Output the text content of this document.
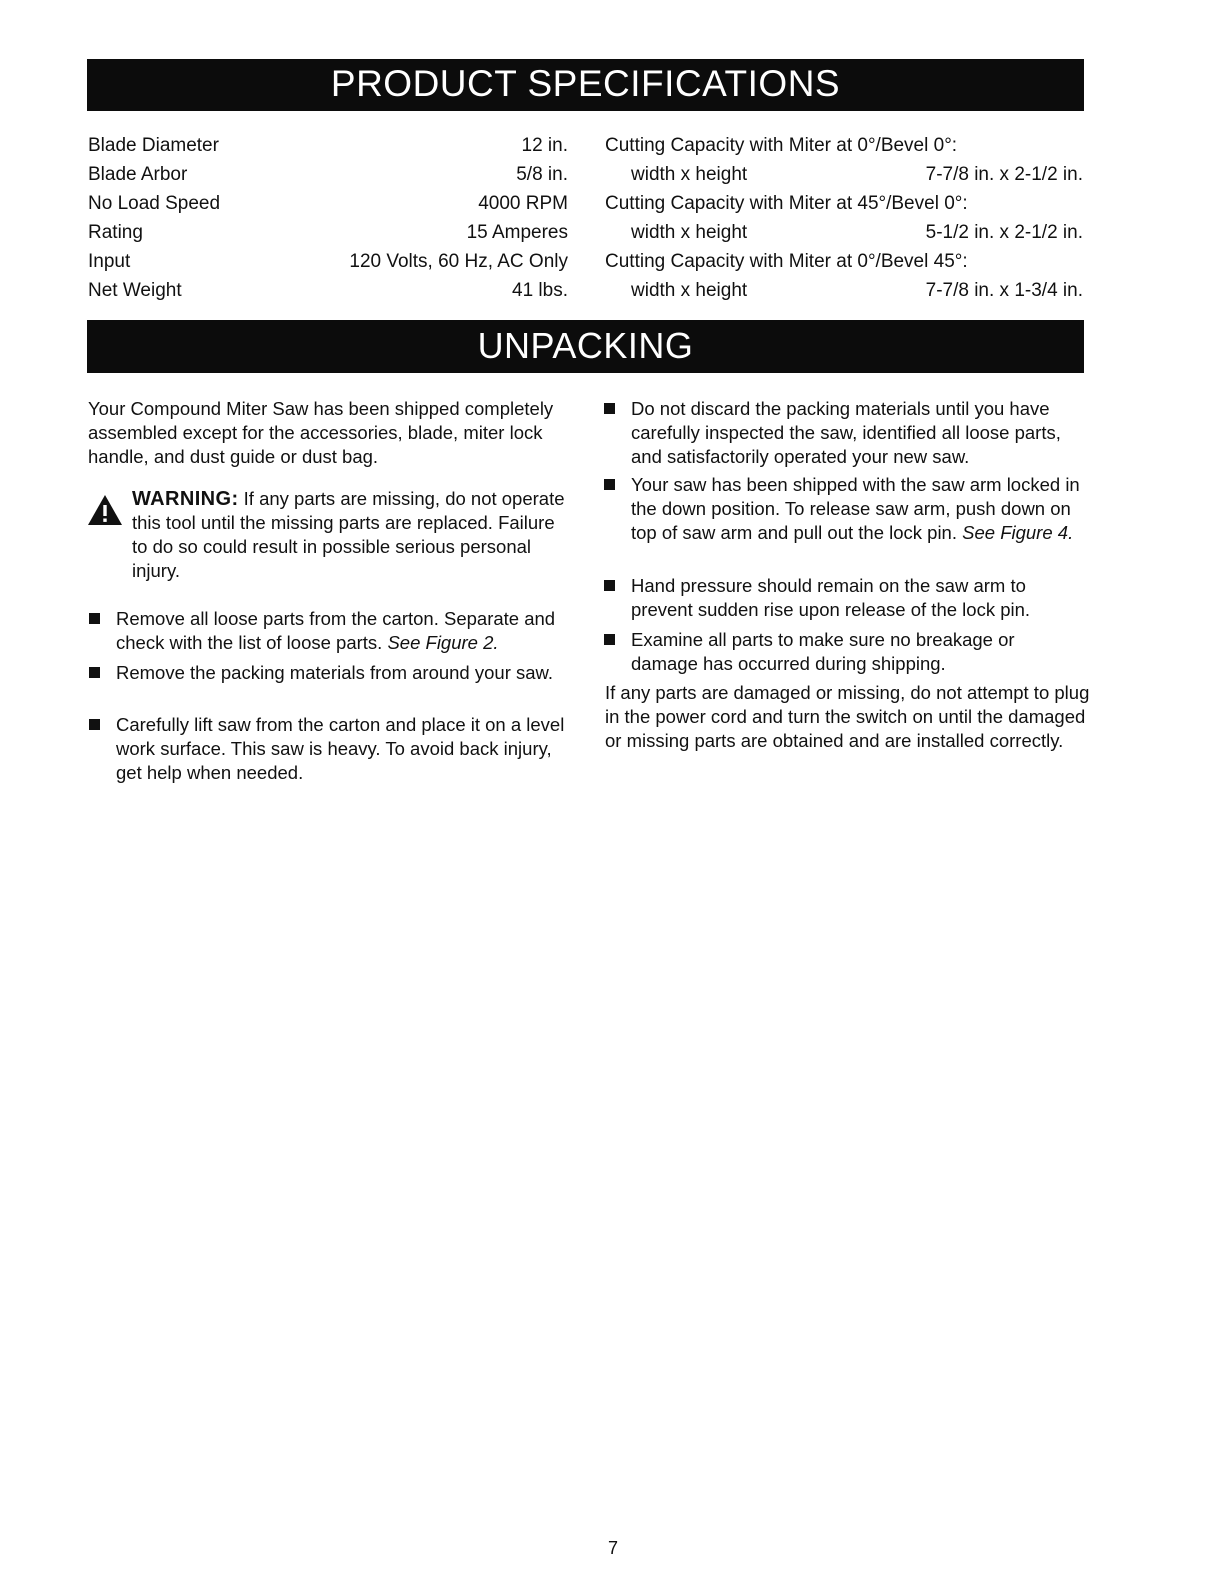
PRODUCT SPECIFICATIONS
Blade Diameter	12 in.
Blade Arbor	5/8 in.
No Load Speed	4000 RPM
Rating	15 Amperes
Input	120 Volts, 60 Hz, AC Only
Net Weight	41 lbs.
Cutting Capacity with Miter at 0°/Bevel 0°:
width x height	7-7/8 in. x 2-1/2 in.
Cutting Capacity with Miter at 45°/Bevel 0°:
width x height	5-1/2 in. x 2-1/2 in.
Cutting Capacity with Miter at 0°/Bevel 45°:
width x height	7-7/8 in. x 1-3/4 in.
UNPACKING
Your Compound Miter Saw has been shipped completely assembled except for the accessories, blade, miter lock handle, and dust guide or dust bag.
WARNING: If any parts are missing, do not operate this tool until the missing parts are replaced. Failure to do so could result in possible serious personal injury.
Remove all loose parts from the carton. Separate and check with the list of loose parts. See Figure 2.
Remove the packing materials from around your saw.
Carefully lift saw from the carton and place it on a level work surface. This saw is heavy. To avoid back injury, get help when needed.
Do not discard the packing materials until you have carefully inspected the saw, identified all loose parts, and satisfactorily operated your new saw.
Your saw has been shipped with the saw arm locked in the down position. To release saw arm, push down on top of saw arm and pull out the lock pin. See Figure 4.
Hand pressure should remain on the saw arm to prevent sudden rise upon release of the lock pin.
Examine all parts to make sure no breakage or damage has occurred during shipping.
If any parts are damaged or missing, do not attempt to plug in the power cord and turn the switch on until the damaged or missing parts are obtained and are installed correctly.
7
